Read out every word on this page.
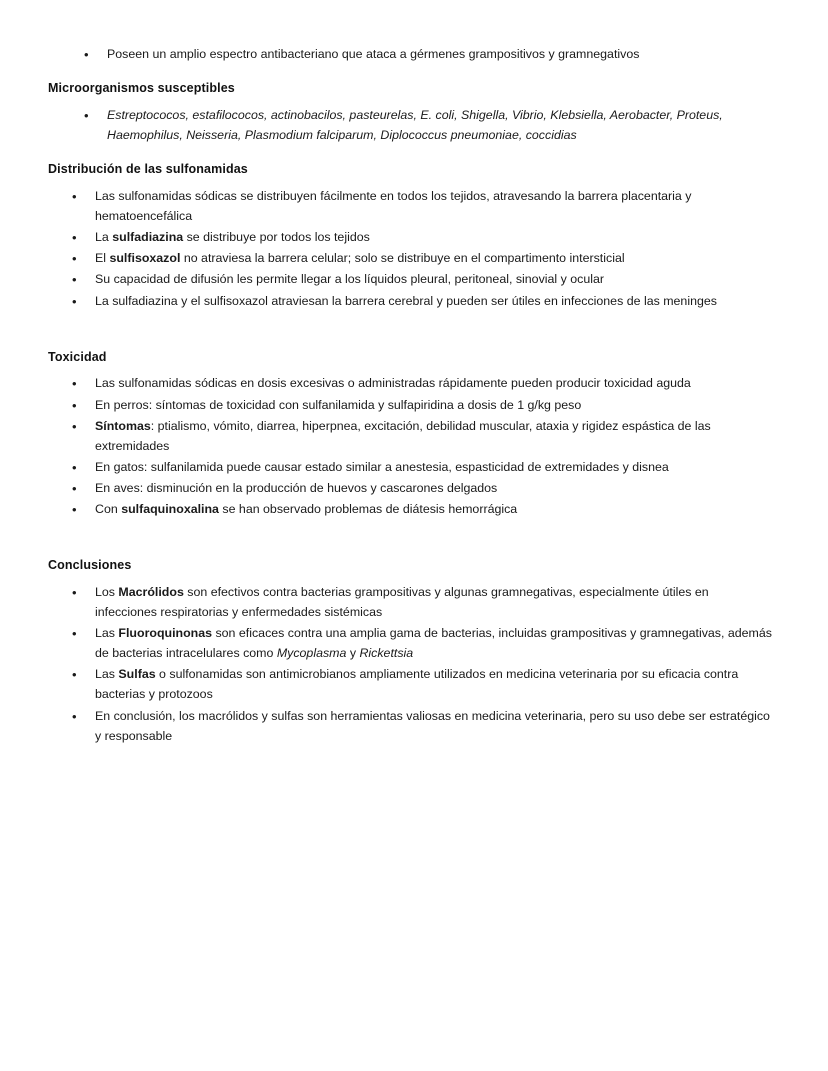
• Poseen un amplio espectro antibacteriano que ataca a gérmenes grampositivos y gramnegativos

Microorganismos susceptibles

• Estreptococos, estafilococos, actinobacilos, pasteurelas, E. coli, Shigella, Vibrio, Klebsiella, Aerobacter, Proteus, Haemophilus, Neisseria, Plasmodium falciparum, Diplococcus pneumoniae, coccidias

Distribución de las sulfonamidas

• Las sulfonamidas sódicas se distribuyen fácilmente en todos los tejidos, atravesando la barrera placentaria y hematoencefálica
• La sulfadiazina se distribuye por todos los tejidos
• El sulfisoxazol no atraviesa la barrera celular; solo se distribuye en el compartimento intersticial
• Su capacidad de difusión les permite llegar a los líquidos pleural, peritoneal, sinovial y ocular
• La sulfadiazina y el sulfisoxazol atraviesan la barrera cerebral y pueden ser útiles en infecciones de las meninges

Toxicidad

• Las sulfonamidas sódicas en dosis excesivas o administradas rápidamente pueden producir toxicidad aguda
• En perros: síntomas de toxicidad con sulfanilamida y sulfapiridina a dosis de 1 g/kg peso
• Síntomas: ptialismo, vómito, diarrea, hiperpnea, excitación, debilidad muscular, ataxia y rigidez espástica de las extremidades
• En gatos: sulfanilamida puede causar estado similar a anestesia, espasticidad de extremidades y disnea
• En aves: disminución en la producción de huevos y cascarones delgados
• Con sulfaquinoxalina se han observado problemas de diátesis hemorrágica

Conclusiones

• Los Macrólidos son efectivos contra bacterias grampositivas y algunas gramnegativas, especialmente útiles en infecciones respiratorias y enfermedades sistémicas
• Las Fluoroquinonas son eficaces contra una amplia gama de bacterias, incluidas grampositivas y gramnegativas, además de bacterias intracelulares como Mycoplasma y Rickettsia
• Las Sulfas o sulfonamidas son antimicrobianos ampliamente utilizados en medicina veterinaria por su eficacia contra bacterias y protozoos
• En conclusión, los macrólidos y sulfas son herramientas valiosas en medicina veterinaria, pero su uso debe ser estratégico y responsable
